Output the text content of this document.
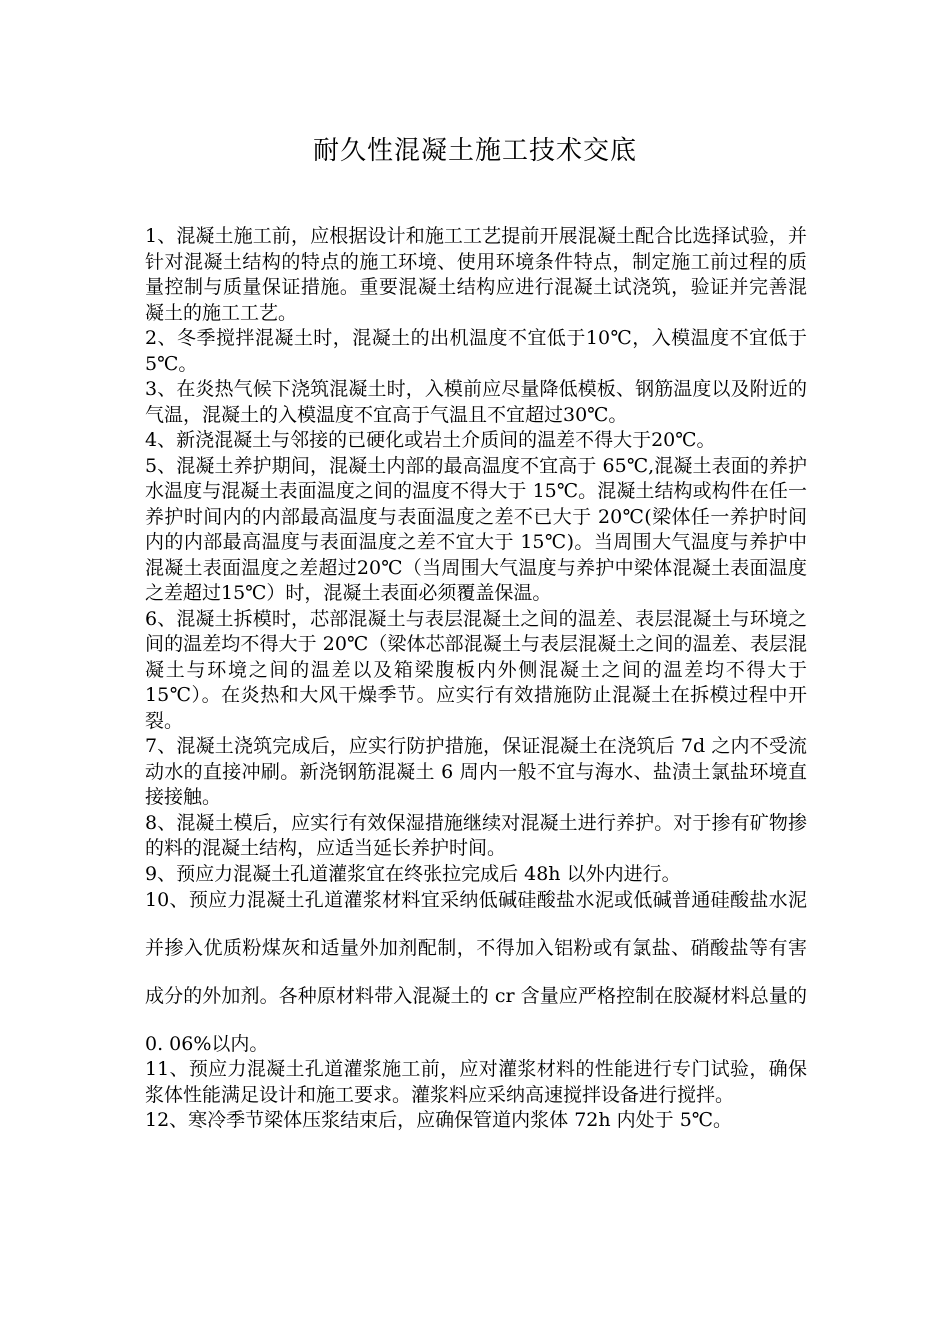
耐久性混凝土施工技术交底

1、混凝土施工前，应根据设计和施工工艺提前开展混凝土配合比选择试验，并针对混凝土结构的特点的施工环境、使用环境条件特点，制定施工前过程的质量控制与质量保证措施。重要混凝土结构应进行混凝土试浇筑，验证并完善混凝土的施工工艺。

2、冬季搅拌混凝土时，混凝土的出机温度不宜低于10℃，入模温度不宜低于5℃。

3、在炎热气候下浇筑混凝土时，入模前应尽量降低模板、钢筋温度以及附近的气温，混凝土的入模温度不宜高于气温且不宜超过30℃。

4、新浇混凝土与邻接的已硬化或岩土介质间的温差不得大于20℃。

5、混凝土养护期间，混凝土内部的最高温度不宜高于 65℃,混凝土表面的养护水温度与混凝土表面温度之间的温度不得大于 15℃。混凝土结构或构件在任一养护时间内的内部最高温度与表面温度之差不已大于 20℃(梁体任一养护时间内的内部最高温度与表面温度之差不宜大于 15℃)。当周围大气温度与养护中混凝土表面温度之差超过20℃（当周围大气温度与养护中梁体混凝土表面温度之差超过15℃）时，混凝土表面必须覆盖保温。

6、混凝土拆模时，芯部混凝土与表层混凝土之间的温差、表层混凝土与环境之间的温差均不得大于 20℃（梁体芯部混凝土与表层混凝土之间的温差、表层混凝土与环境之间的温差以及箱梁腹板内外侧混凝土之间的温差均不得大于 15℃）。在炎热和大风干燥季节。应实行有效措施防止混凝土在拆模过程中开裂。

7、混凝土浇筑完成后，应实行防护措施，保证混凝土在浇筑后 7d 之内不受流动水的直接冲刷。新浇钢筋混凝土 6 周内一般不宜与海水、盐渍土氯盐环境直接接触。

8、混凝土模后，应实行有效保湿措施继续对混凝土进行养护。对于掺有矿物掺的料的混凝土结构，应适当延长养护时间。

9、预应力混凝土孔道灌浆宜在终张拉完成后 48h 以外内进行。

10、预应力混凝土孔道灌浆材料宜采纳低碱硅酸盐水泥或低碱普通硅酸盐水泥并掺入优质粉煤灰和适量外加剂配制，不得加入铝粉或有氯盐、硝酸盐等有害成分的外加剂。各种原材料带入混凝土的 cr 含量应严格控制在胶凝材料总量的 0. 06%以内。

11、预应力混凝土孔道灌浆施工前，应对灌浆材料的性能进行专门试验，确保浆体性能满足设计和施工要求。灌浆料应采纳高速搅拌设备进行搅拌。

12、寒冷季节梁体压浆结束后，应确保管道内浆体 72h 内处于 5℃。
